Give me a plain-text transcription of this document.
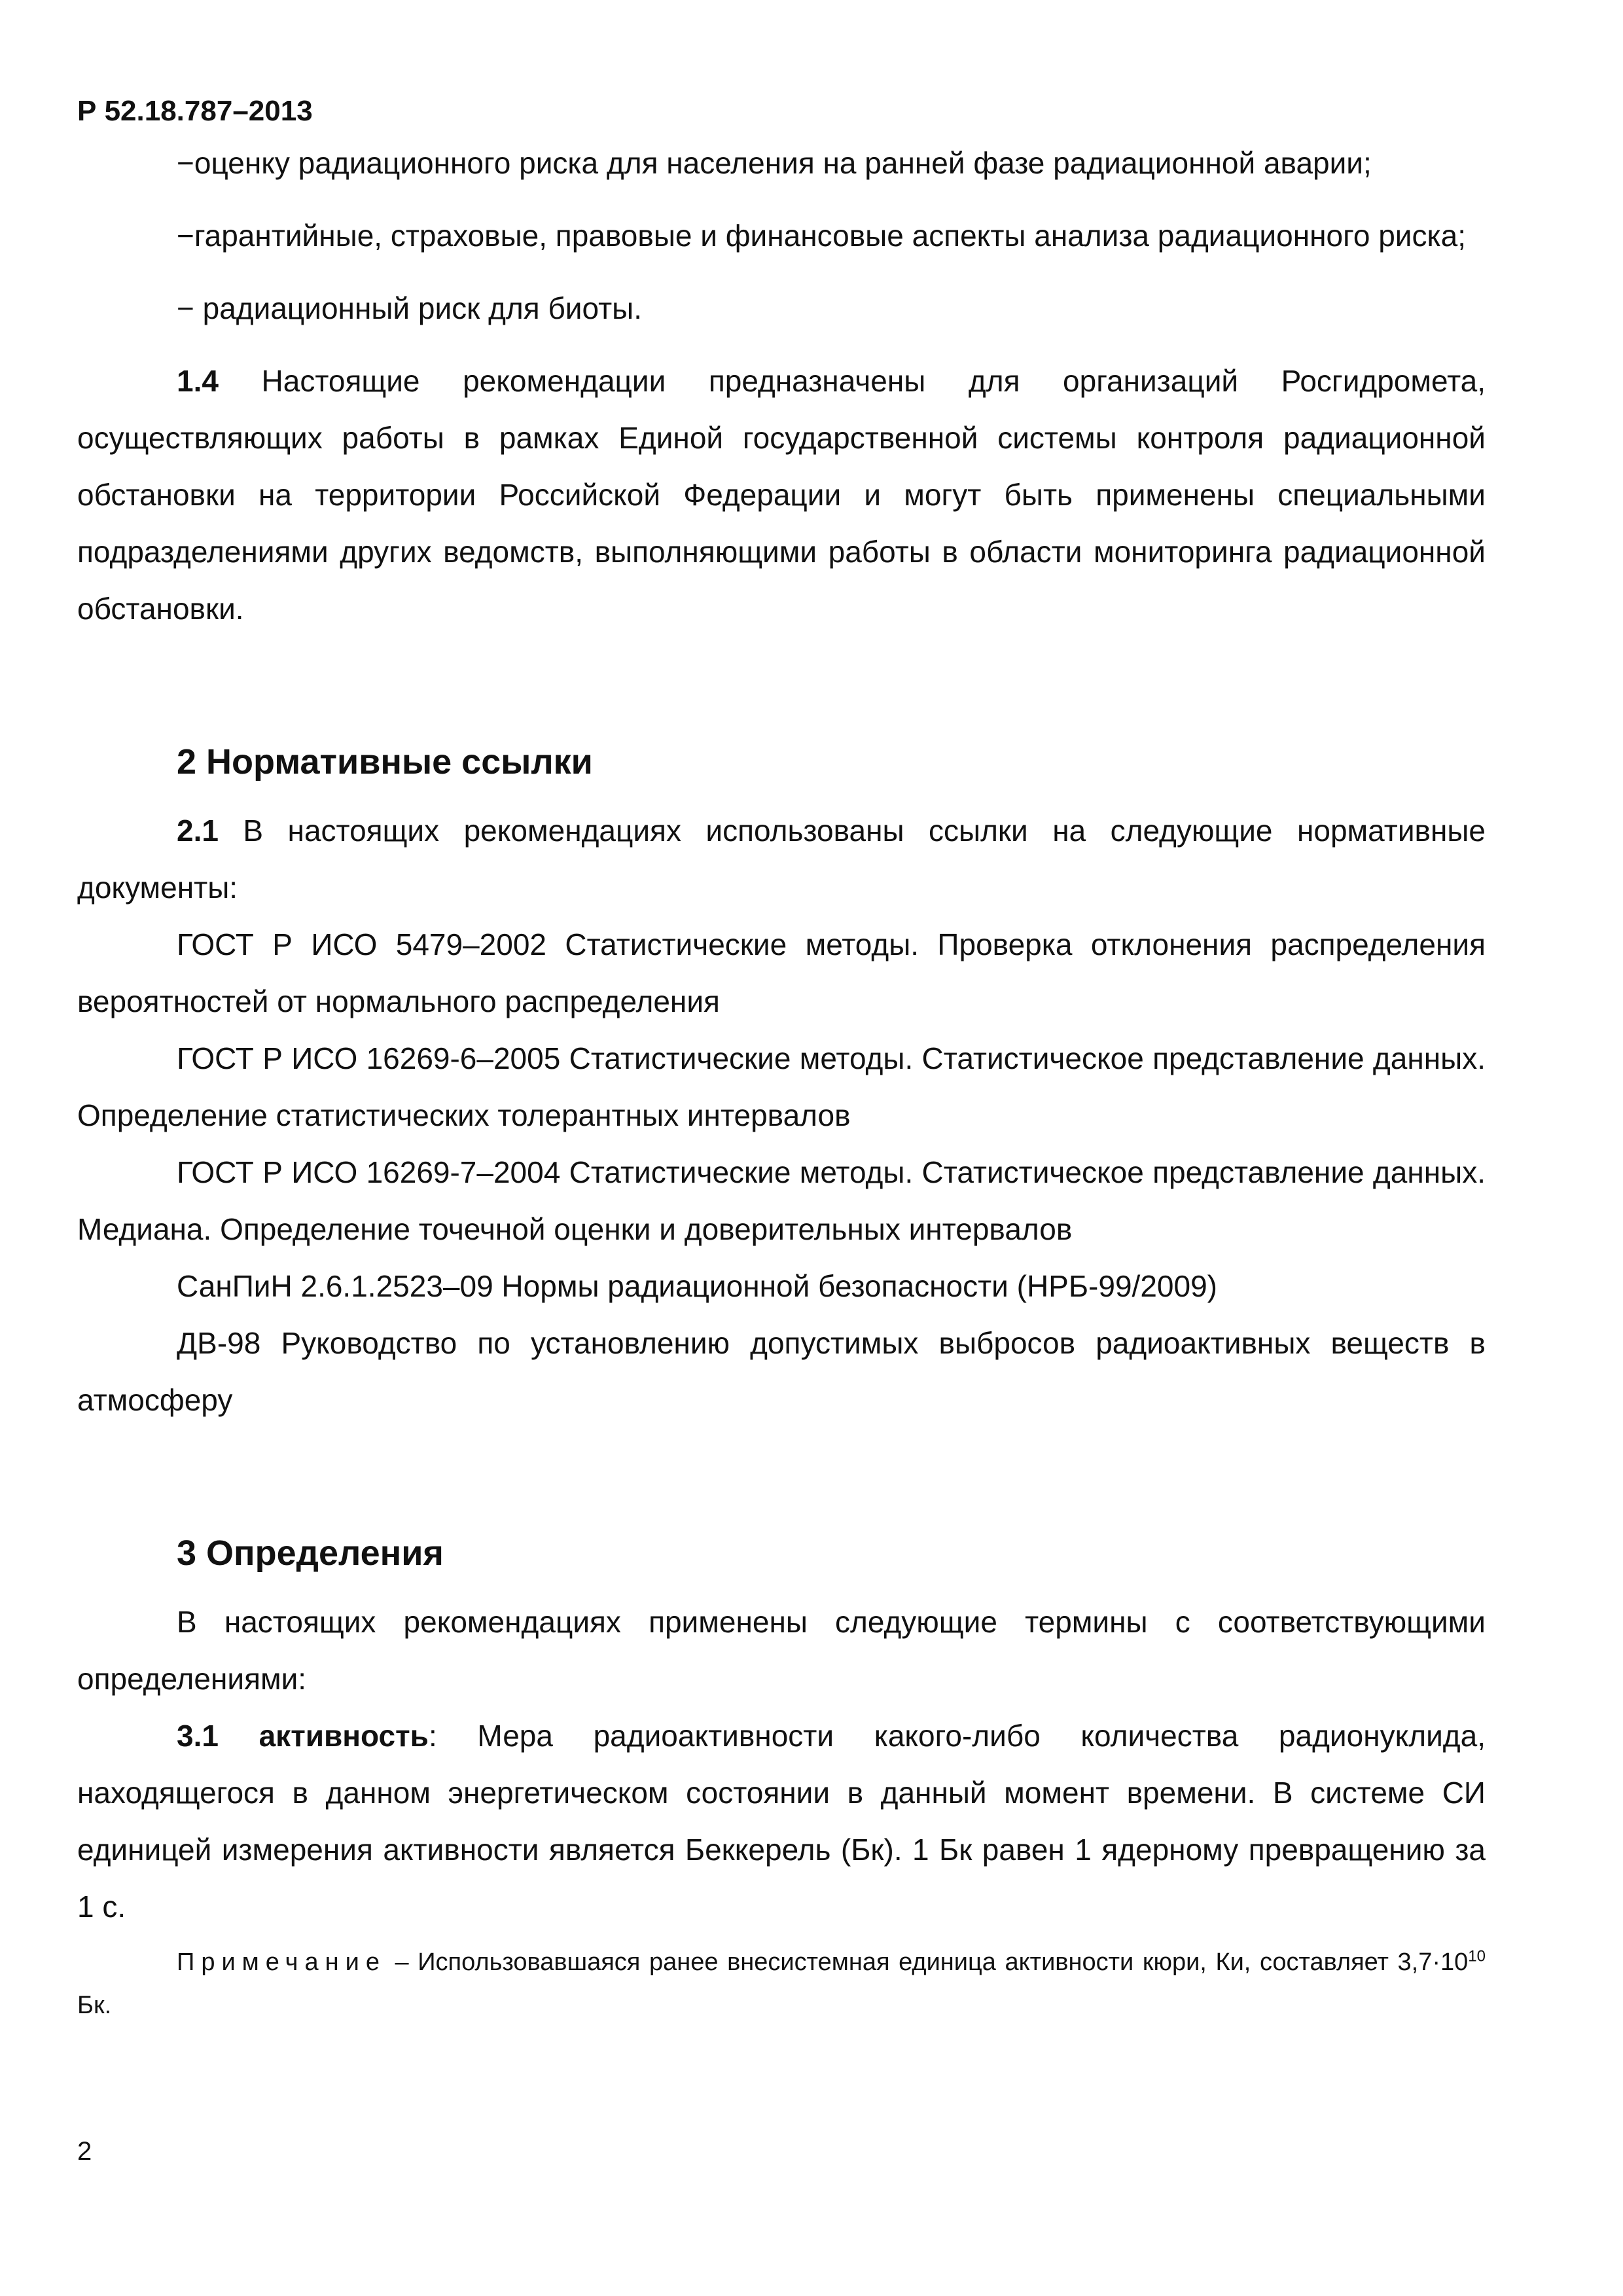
Р 52.18.787–2013

−оценку радиационного риска для населения на ранней фазе радиационной аварии;

−гарантийные, страховые, правовые и финансовые аспекты анализа радиационного риска;

− радиационный риск для биоты.

1.4 Настоящие рекомендации предназначены для организаций Росгидромета, осуществляющих работы в рамках Единой государственной системы контроля радиационной обстановки на территории Российской Федерации и могут быть применены специальными подразделениями других ведомств, выполняющими работы в области мониторинга радиационной обстановки.

2 Нормативные ссылки

2.1 В настоящих рекомендациях использованы ссылки на следующие нормативные документы:

ГОСТ Р ИСО 5479–2002 Статистические методы. Проверка отклонения распределения вероятностей от нормального распределения

ГОСТ Р ИСО 16269-6–2005 Статистические методы. Статистическое представление данных. Определение статистических толерантных интервалов

ГОСТ Р ИСО 16269-7–2004 Статистические методы. Статистическое представление данных. Медиана. Определение точечной оценки и доверительных интервалов

СанПиН 2.6.1.2523–09 Нормы радиационной безопасности (НРБ-99/2009)

ДВ-98 Руководство по установлению допустимых выбросов радиоактивных веществ в атмосферу

3 Определения

В настоящих рекомендациях применены следующие термины с соответствующими определениями:

3.1 активность: Мера радиоактивности какого-либо количества радионуклида, находящегося в данном энергетическом состоянии в данный момент времени. В системе СИ единицей измерения активности является Беккерель (Бк). 1 Бк равен 1 ядерному превращению за 1 с.

Примечание – Использовавшаяся ранее внесистемная единица активности кюри, Ки, составляет $3,7\cdot 10^{10}$ Бк.

2
